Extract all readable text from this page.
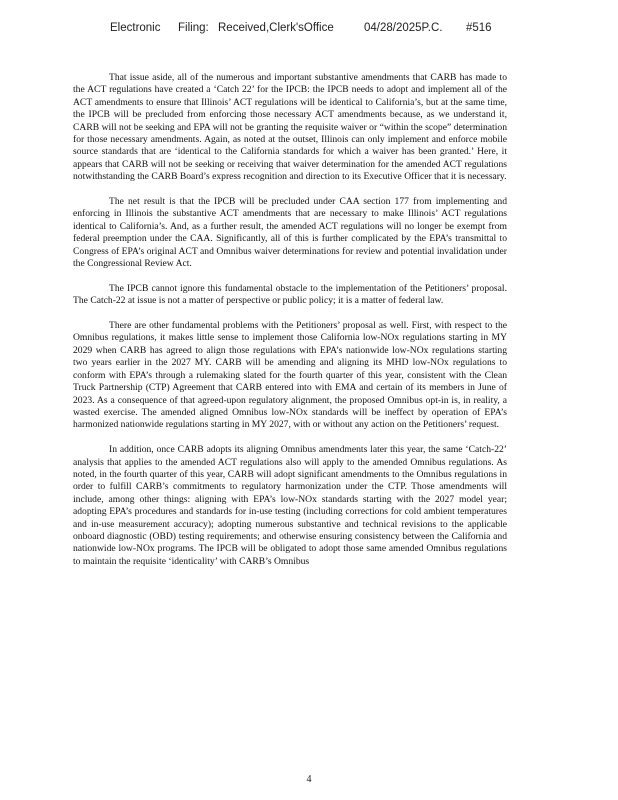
Electronic Filing: Received,Clerk'sOffice	04/28/2025P.C. #516

That issue aside, all of the numerous and important substantive amendments that CARB has made to the ACT regulations have created a ‘Catch 22’ for the IPCB: the IPCB needs to adopt and implement all of the ACT amendments to ensure that Illinois’ ACT regulations will be identical to California’s, but at the same time, the IPCB will be precluded from enforcing those necessary ACT amendments because, as we understand it, CARB will not be seeking and EPA will not be granting the requisite waiver or “within the scope” determination for those necessary amendments. Again, as noted at the outset, Illinois can only implement and enforce mobile source standards that are ‘identical to the California standards for which a waiver has been granted.’ Here, it appears that CARB will not be seeking or receiving that waiver determination for the amended ACT regulations notwithstanding the CARB Board’s express recognition and direction to its Executive Officer that it is necessary.

The net result is that the IPCB will be precluded under CAA section 177 from implementing and enforcing in Illinois the substantive ACT amendments that are necessary to make Illinois’ ACT regulations identical to California’s. And, as a further result, the amended ACT regulations will no longer be exempt from federal preemption under the CAA. Significantly, all of this is further complicated by the EPA’s transmittal to Congress of EPA’s original ACT and Omnibus waiver determinations for review and potential invalidation under the Congressional Review Act.

The IPCB cannot ignore this fundamental obstacle to the implementation of the Petitioners’ proposal. The Catch-22 at issue is not a matter of perspective or public policy; it is a matter of federal law.

There are other fundamental problems with the Petitioners’ proposal as well. First, with respect to the Omnibus regulations, it makes little sense to implement those California low-NOx regulations starting in MY 2029 when CARB has agreed to align those regulations with EPA’s nationwide low-NOx regulations starting two years earlier in the 2027 MY. CARB will be amending and aligning its MHD low-NOx regulations to conform with EPA’s through a rulemaking slated for the fourth quarter of this year, consistent with the Clean Truck Partnership (CTP) Agreement that CARB entered into with EMA and certain of its members in June of 2023. As a consequence of that agreed-upon regulatory alignment, the proposed Omnibus opt-in is, in reality, a wasted exercise. The amended aligned Omnibus low-NOx standards will be ineffect by operation of EPA’s harmonized nationwide regulations starting in MY 2027, with or without any action on the Petitioners’ request.

In addition, once CARB adopts its aligning Omnibus amendments later this year, the same ‘Catch-22’ analysis that applies to the amended ACT regulations also will apply to the amended Omnibus regulations. As noted, in the fourth quarter of this year, CARB will adopt significant amendments to the Omnibus regulations in order to fulfill CARB’s commitments to regulatory harmonization under the CTP. Those amendments will include, among other things: aligning with EPA’s low-NOx standards starting with the 2027 model year; adopting EPA’s procedures and standards for in-use testing (including corrections for cold ambient temperatures and in-use measurement accuracy); adopting numerous substantive and technical revisions to the applicable onboard diagnostic (OBD) testing requirements; and otherwise ensuring consistency between the California and nationwide low-NOx programs. The IPCB will be obligated to adopt those same amended Omnibus regulations to maintain the requisite ‘identicality’ with CARB’s Omnibus

4
